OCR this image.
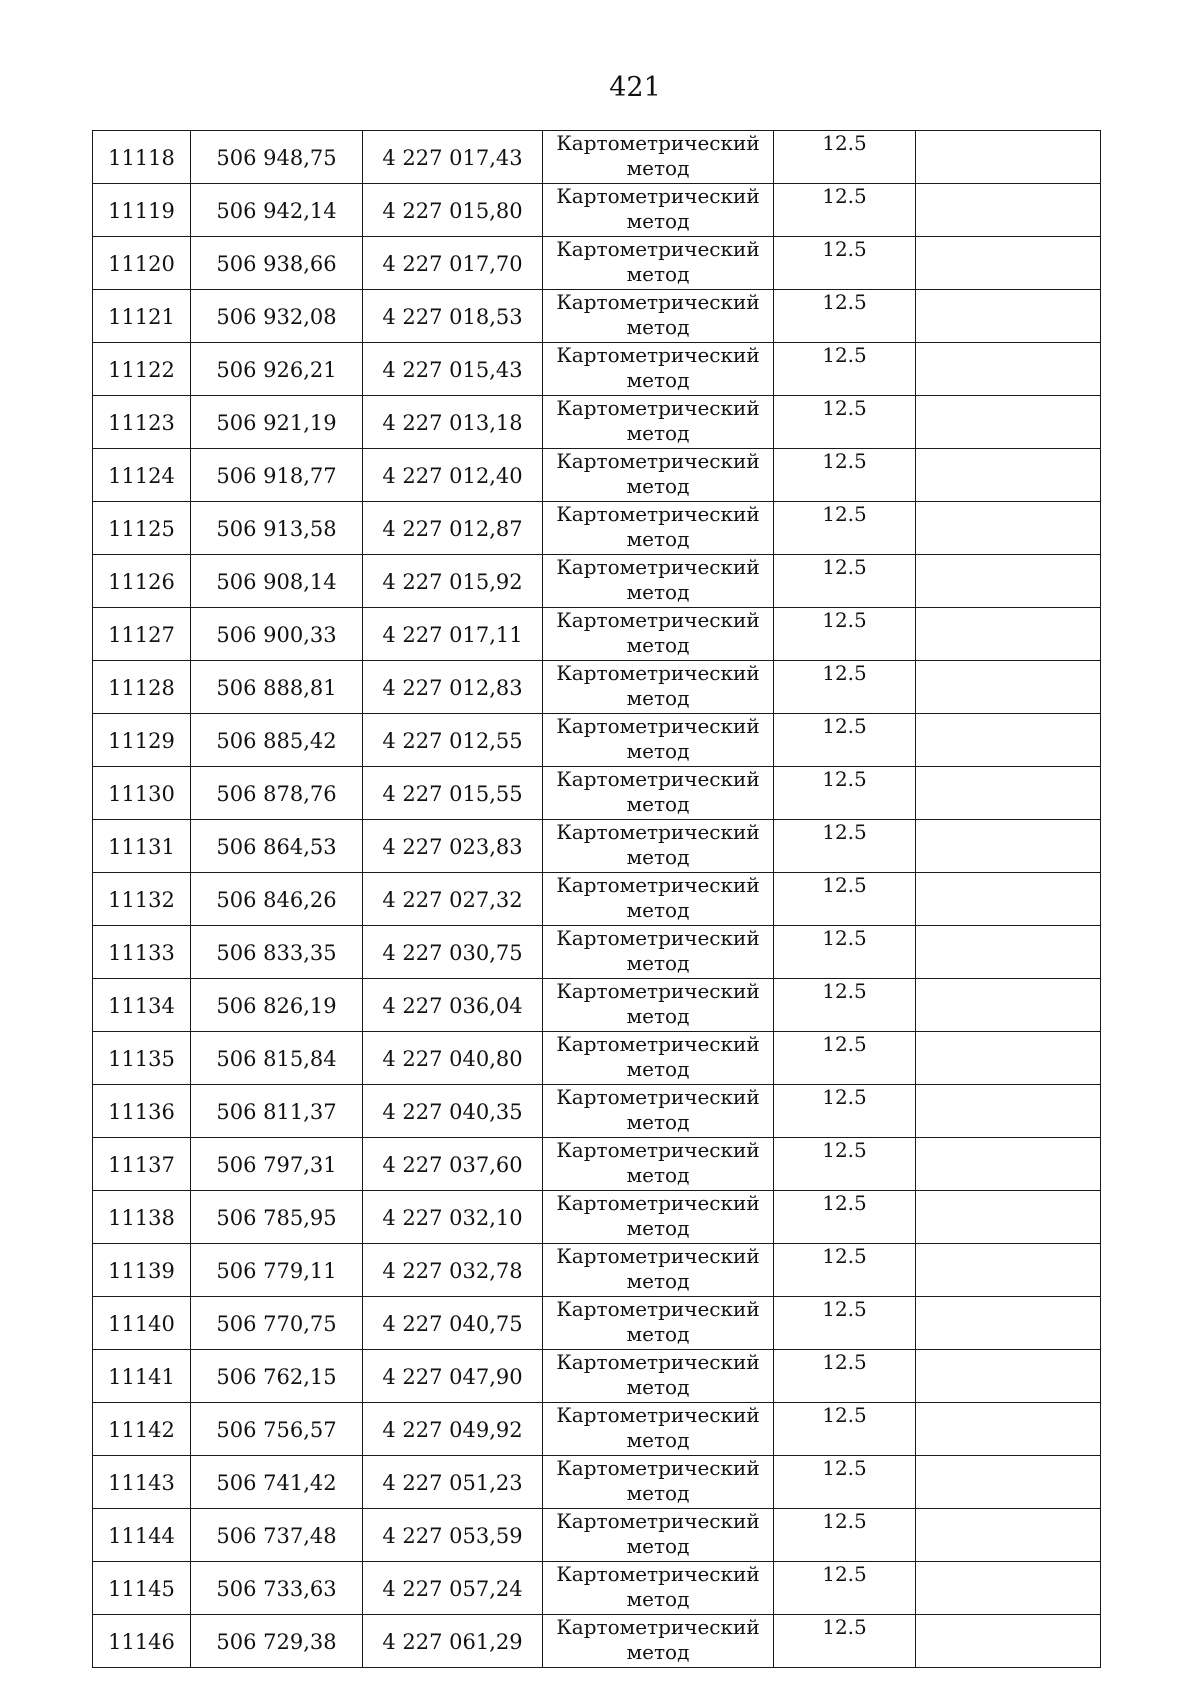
421
11118	506 948,75	4 227 017,43	Картометрический метод	12.5	
11119	506 942,14	4 227 015,80	Картометрический метод	12.5	
11120	506 938,66	4 227 017,70	Картометрический метод	12.5	
11121	506 932,08	4 227 018,53	Картометрический метод	12.5	
11122	506 926,21	4 227 015,43	Картометрический метод	12.5	
11123	506 921,19	4 227 013,18	Картометрический метод	12.5	
11124	506 918,77	4 227 012,40	Картометрический метод	12.5	
11125	506 913,58	4 227 012,87	Картометрический метод	12.5	
11126	506 908,14	4 227 015,92	Картометрический метод	12.5	
11127	506 900,33	4 227 017,11	Картометрический метод	12.5	
11128	506 888,81	4 227 012,83	Картометрический метод	12.5	
11129	506 885,42	4 227 012,55	Картометрический метод	12.5	
11130	506 878,76	4 227 015,55	Картометрический метод	12.5	
11131	506 864,53	4 227 023,83	Картометрический метод	12.5	
11132	506 846,26	4 227 027,32	Картометрический метод	12.5	
11133	506 833,35	4 227 030,75	Картометрический метод	12.5	
11134	506 826,19	4 227 036,04	Картометрический метод	12.5	
11135	506 815,84	4 227 040,80	Картометрический метод	12.5	
11136	506 811,37	4 227 040,35	Картометрический метод	12.5	
11137	506 797,31	4 227 037,60	Картометрический метод	12.5	
11138	506 785,95	4 227 032,10	Картометрический метод	12.5	
11139	506 779,11	4 227 032,78	Картометрический метод	12.5	
11140	506 770,75	4 227 040,75	Картометрический метод	12.5	
11141	506 762,15	4 227 047,90	Картометрический метод	12.5	
11142	506 756,57	4 227 049,92	Картометрический метод	12.5	
11143	506 741,42	4 227 051,23	Картометрический метод	12.5	
11144	506 737,48	4 227 053,59	Картометрический метод	12.5	
11145	506 733,63	4 227 057,24	Картометрический метод	12.5	
11146	506 729,38	4 227 061,29	Картометрический метод	12.5	
